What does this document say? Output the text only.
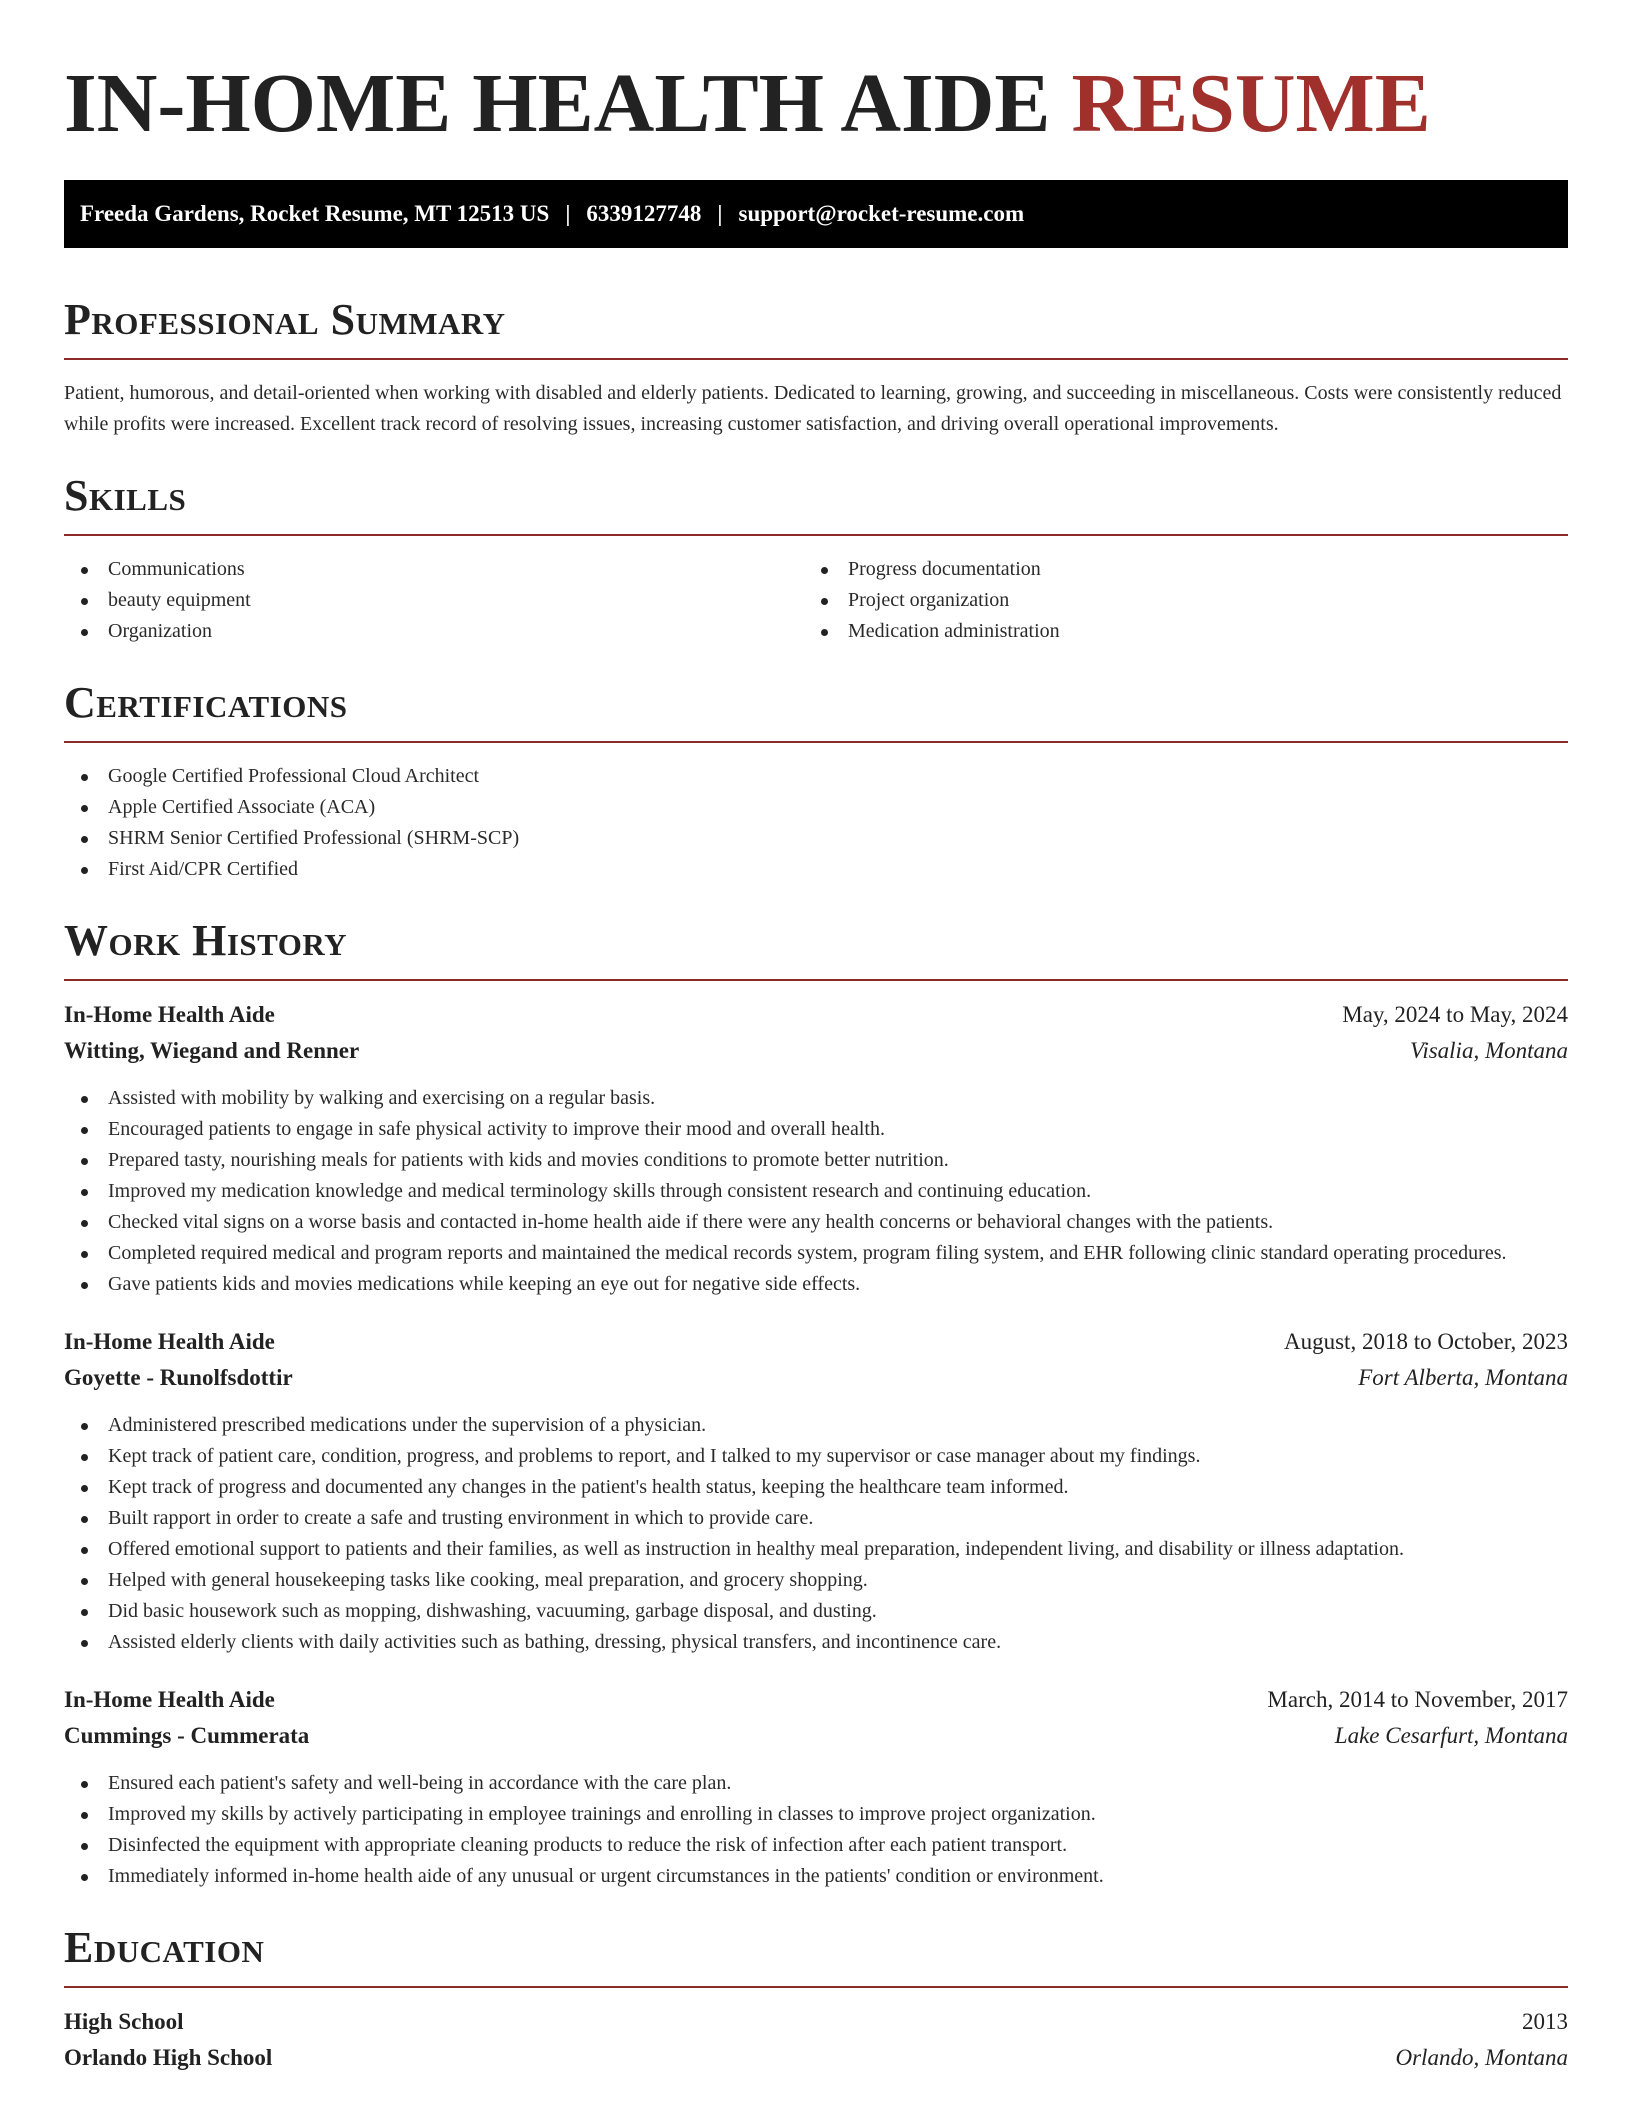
IN-HOME HEALTH AIDE RESUME
Freeda Gardens, Rocket Resume, MT 12513 US | 6339127748 | support@rocket-resume.com
Professional Summary

Patient, humorous, and detail-oriented when working with disabled and elderly patients. Dedicated to learning, growing, and succeeding in miscellaneous. Costs were consistently reduced while profits were increased. Excellent track record of resolving issues, increasing customer satisfaction, and driving overall operational improvements.

Skills
Communications
beauty equipment
Organization
Progress documentation
Project organization
Medication administration
Certifications
Google Certified Professional Cloud Architect
Apple Certified Associate (ACA)
SHRM Senior Certified Professional (SHRM-SCP)
First Aid/CPR Certified
Work History
In-Home Health Aide	May, 2024 to May, 2024
Witting, Wiegand and Renner	Visalia, Montana
Assisted with mobility by walking and exercising on a regular basis.
Encouraged patients to engage in safe physical activity to improve their mood and overall health.
Prepared tasty, nourishing meals for patients with kids and movies conditions to promote better nutrition.
Improved my medication knowledge and medical terminology skills through consistent research and continuing education.
Checked vital signs on a worse basis and contacted in-home health aide if there were any health concerns or behavioral changes with the patients.
Completed required medical and program reports and maintained the medical records system, program filing system, and EHR following clinic standard operating procedures.
Gave patients kids and movies medications while keeping an eye out for negative side effects.
In-Home Health Aide	August, 2018 to October, 2023
Goyette - Runolfsdottir	Fort Alberta, Montana
Administered prescribed medications under the supervision of a physician.
Kept track of patient care, condition, progress, and problems to report, and I talked to my supervisor or case manager about my findings.
Kept track of progress and documented any changes in the patient's health status, keeping the healthcare team informed.
Built rapport in order to create a safe and trusting environment in which to provide care.
Offered emotional support to patients and their families, as well as instruction in healthy meal preparation, independent living, and disability or illness adaptation.
Helped with general housekeeping tasks like cooking, meal preparation, and grocery shopping.
Did basic housework such as mopping, dishwashing, vacuuming, garbage disposal, and dusting.
Assisted elderly clients with daily activities such as bathing, dressing, physical transfers, and incontinence care.
In-Home Health Aide	March, 2014 to November, 2017
Cummings - Cummerata	Lake Cesarfurt, Montana
Ensured each patient's safety and well-being in accordance with the care plan.
Improved my skills by actively participating in employee trainings and enrolling in classes to improve project organization.
Disinfected the equipment with appropriate cleaning products to reduce the risk of infection after each patient transport.
Immediately informed in-home health aide of any unusual or urgent circumstances in the patients' condition or environment.
Education
High School	2013
Orlando High School	Orlando, Montana
